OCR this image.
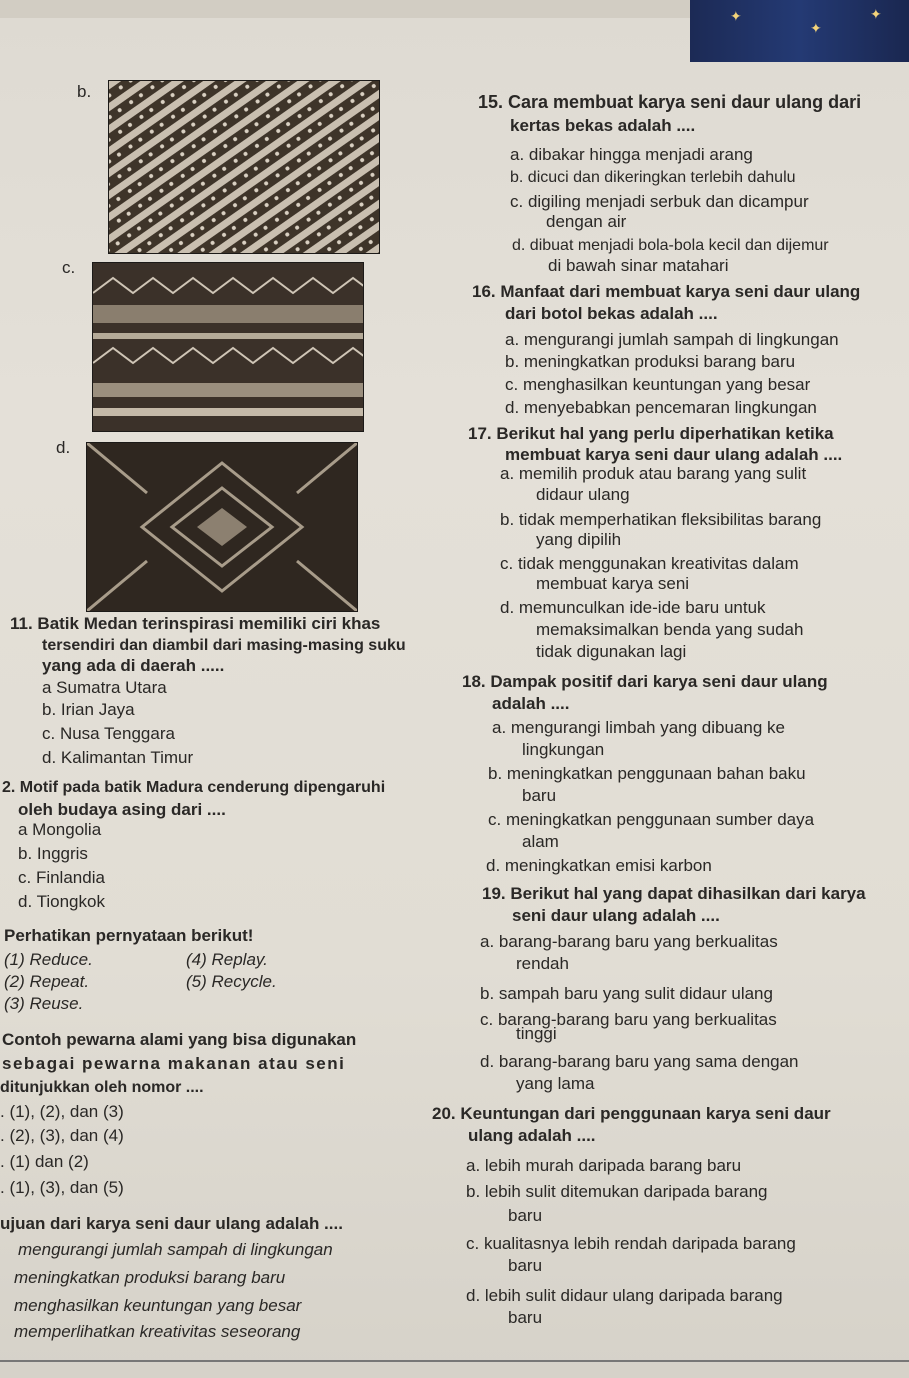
✦
✦
✦
b.
c.
d.
15. Cara membuat karya seni daur ulang dari
kertas bekas adalah ....
a. dibakar hingga menjadi arang
b. dicuci dan dikeringkan terlebih dahulu
c. digiling menjadi serbuk dan dicampur
dengan air
d. dibuat menjadi bola-bola kecil dan dijemur
di bawah sinar matahari
16. Manfaat dari membuat karya seni daur ulang
dari botol bekas adalah ....
a. mengurangi jumlah sampah di lingkungan
b. meningkatkan produksi barang baru
c. menghasilkan keuntungan yang besar
d. menyebabkan pencemaran lingkungan
17. Berikut hal yang perlu diperhatikan ketika
membuat karya seni daur ulang adalah ....
a. memilih produk atau barang yang sulit
didaur ulang
b. tidak memperhatikan fleksibilitas barang
yang dipilih
c. tidak menggunakan kreativitas dalam
membuat karya seni
d. memunculkan ide-ide baru untuk
memaksimalkan benda yang sudah
tidak digunakan lagi
11. Batik Medan terinspirasi memiliki ciri khas
tersendiri dan diambil dari masing-masing suku
yang ada di daerah .....
a Sumatra Utara
b. Irian Jaya
c. Nusa Tenggara
d. Kalimantan Timur
18. Dampak positif dari karya seni daur ulang
adalah ....
a. mengurangi limbah yang dibuang ke
lingkungan
b. meningkatkan penggunaan bahan baku
baru
c. meningkatkan penggunaan sumber daya
alam
d. meningkatkan emisi karbon
2. Motif pada batik Madura cenderung dipengaruhi
oleh budaya asing dari ....
a Mongolia
b. Inggris
c. Finlandia
d. Tiongkok	19. Berikut hal yang dapat dihasilkan dari karya
seni daur ulang adalah ....
a. barang-barang baru yang berkualitas
rendah
b. sampah baru yang sulit didaur ulang
c. barang-barang baru yang berkualitas
tinggi
d. barang-barang baru yang sama dengan
yang lama
Perhatikan pernyataan berikut!
(1) Reduce.	(4) Replay.
(2) Repeat.	(5) Recycle.
(3) Reuse.
Contoh pewarna alami yang bisa digunakan
sebagai pewarna makanan atau seni
ditunjukkan oleh nomor ....
. (1), (2), dan (3)
. (2), (3), dan (4)
. (1) dan (2)
. (1), (3), dan (5)
20. Keuntungan dari penggunaan karya seni daur
ulang adalah ....
a. lebih murah daripada barang baru
b. lebih sulit ditemukan daripada barang
baru
c. kualitasnya lebih rendah daripada barang
baru
d. lebih sulit didaur ulang daripada barang
baru
ujuan dari karya seni daur ulang adalah ....
mengurangi jumlah sampah di lingkungan
meningkatkan produksi barang baru
menghasilkan keuntungan yang besar
memperlihatkan kreativitas seseorang
